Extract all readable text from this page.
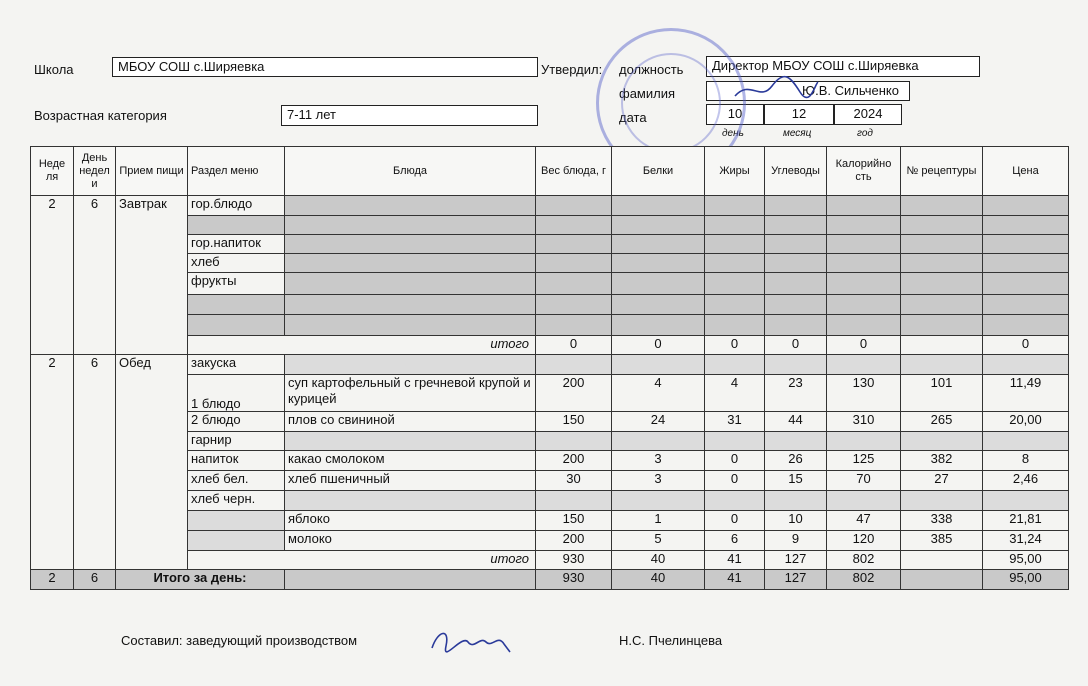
Школа	МБОУ СОШ с.Ширяевка
Возрастная категория	7-11 лет
Утвердил: должность	Директор МБОУ СОШ с.Ширяевка
фамилия	Ю.В. Сильченко
дата	10	12	2024
день	месяц	год
Неде ля	День недел и	Прием пищи	Раздел меню	Блюда	Вес блюда, г	Белки	Жиры	Углеводы	Калорийно сть	№ рецептуры	Цена
2	6	Завтрак	гор.блюдо								

			гор.напиток								
			хлеб								
			фрукты								

			итого		0	0	0	0	0		0
2	6	Обед	закуска								
			1 блюдо	суп картофельный с гречневой крупой и курицей	200	4	4	23	130	101	11,49
			2 блюдо	плов со свининой	150	24	31	44	310	265	20,00
			гарнир								
			напиток	какао смолоком	200	3	0	26	125	382	8
			хлеб бел.	хлеб пшеничный	30	3	0	15	70	27	2,46
			хлеб черн.								
				яблоко	150	1	0	10	47	338	21,81
				молоко	200	5	6	9	120	385	31,24
			итого		930	40	41	127	802		95,00
2	6	Итого за день:			930	40	41	127	802		95,00
Составил: заведующий производством	Н.С. Пчелинцева
